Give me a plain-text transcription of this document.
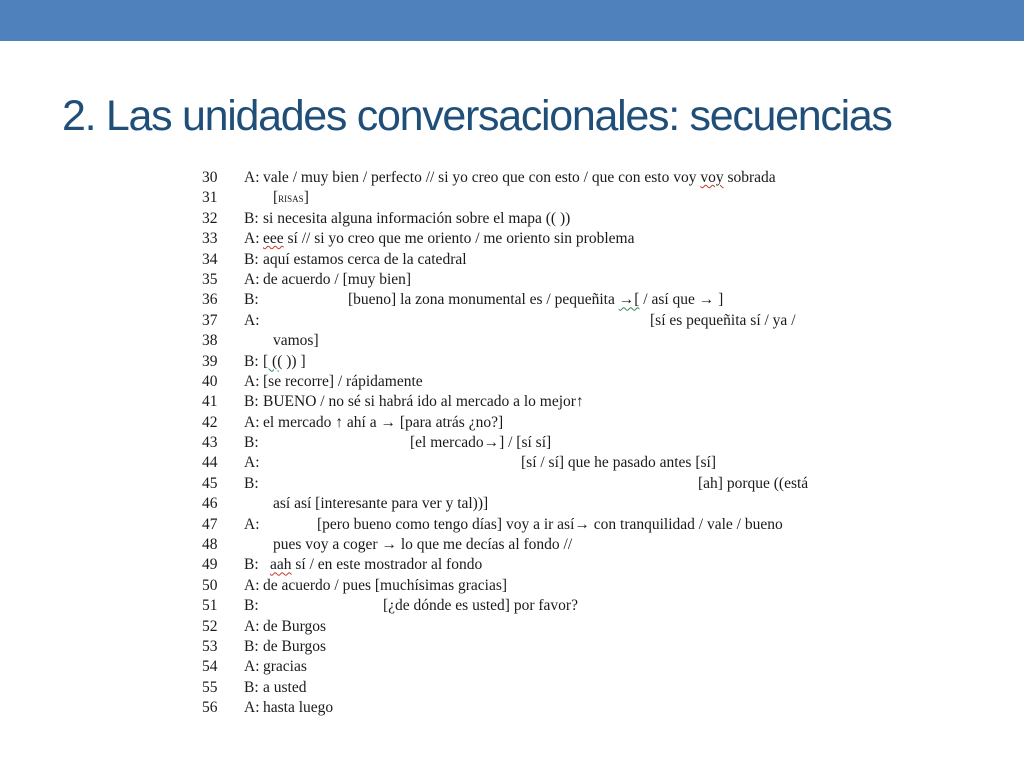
2. Las unidades conversacionales: secuencias
30	A: vale / muy bien / perfecto // si yo creo que con esto / que con esto voy voy sobrada
31	[risas]
32	B: si necesita alguna información sobre el mapa (( ))
33	A: eee sí // si yo creo que me oriento / me oriento sin problema
34	B: aquí estamos cerca de la catedral
35	A: de acuerdo / [muy bien]
36	B:	[bueno] la zona monumental es / pequeñita →[ / así que → ]
37	A:	[sí es pequeñita sí / ya /
38	vamos]
39	B: [ (( )) ]
40	A: [se recorre] / rápidamente
41	B: BUENO / no sé si habrá ido al mercado a lo mejor↑
42	A: el mercado ↑ ahí a → [para atrás ¿no?]
43	B:	[el mercado→] / [sí sí]
44	A:	[sí / sí] que he pasado antes [sí]
45	B:	[ah] porque ((está
46	así así [interesante para ver y tal))]
47	A:	[pero bueno como tengo días] voy a ir así→ con tranquilidad / vale / bueno
48	pues voy a coger → lo que me decías al fondo //
49	B: aah sí / en este mostrador al fondo
50	A: de acuerdo / pues [muchísimas gracias]
51	B:	[¿de dónde es usted] por favor?
52	A: de Burgos
53	B: de Burgos
54	A: gracias
55	B: a usted
56	A: hasta luego
